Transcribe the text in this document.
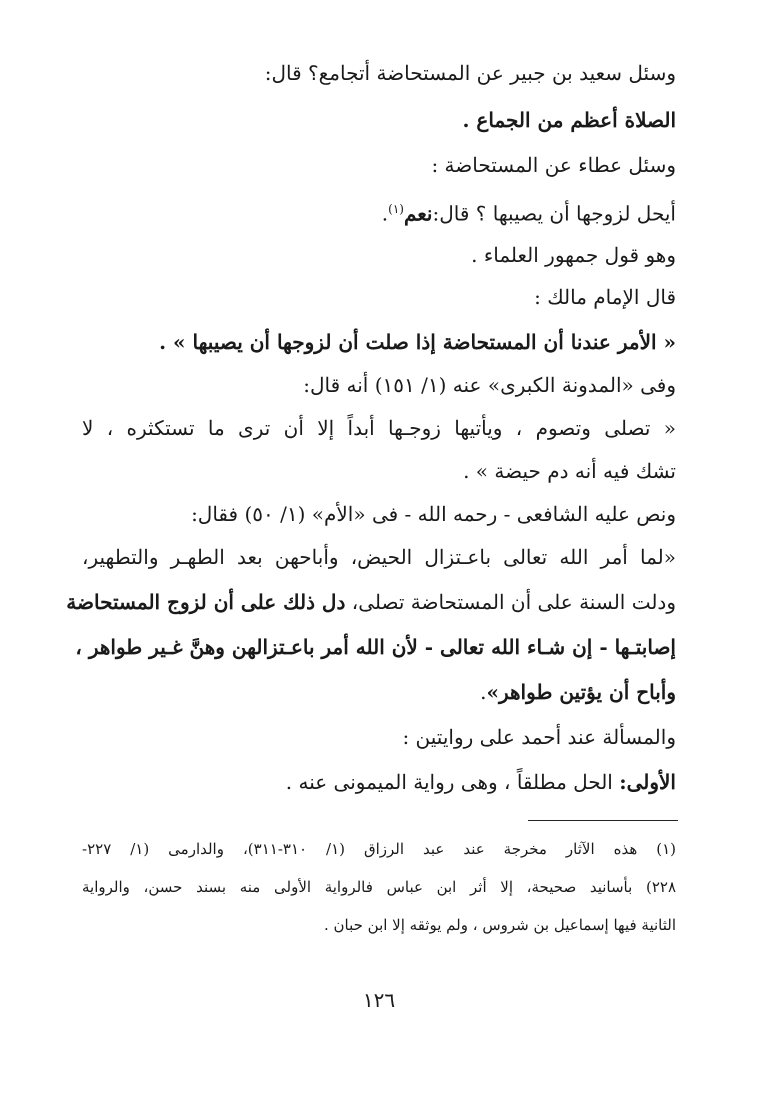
وسئل سعيد بن جبير عن المستحاضة أتجامع؟ قال:
الصلاة أعظم من الجماع .
وسئل عطاء عن المستحاضة :
أيحل لزوجها أن يصيبها ؟ قال:نعم$^{(١)}$.
وهو قول جمهور العلماء .
قال الإمام مالك :
« الأمر عندنا أن المستحاضة إذا صلت أن لزوجها أن يصيبها » .
وفى «المدونة الكبرى» عنه (١/ ١٥١) أنه قال:
« تصلى وتصوم ، ويأتيها زوجـها أبداً إلا أن ترى ما تستكثره ، لا
تشك فيه أنه دم حيضة » .
ونص عليه الشافعى - رحمه الله - فى «الأم» (١/ ٥٠) فقال:
«لما أمر الله تعالى باعـتزال الحيض، وأباحهن بعد الطهـر والتطهير،
ودلت السنة على أن المستحاضة تصلى، دل ذلك على أن لزوج المستحاضة
إصابتـها - إن شـاء الله تعالى - لأن الله أمر باعـتزالهن وهنَّ غـير طواهر ،
وأباح أن يؤتين طواهر».
والمسألة عند أحمد على روايتين :
الأولى: الحل مطلقاً ، وهى رواية الميمونى عنه .
(١) هذه الآثار مخرجة عند عبد الرزاق (١/ ٣١٠-٣١١)، والدارمى (١/ ٢٢٧-
٢٢٨) بأسانيد صحيحة، إلا أثر ابن عباس فالرواية الأولى منه بسند حسن، والرواية
الثانية فيها إسماعيل بن شروس ، ولم يوثقه إلا ابن حبان .
١٢٦
